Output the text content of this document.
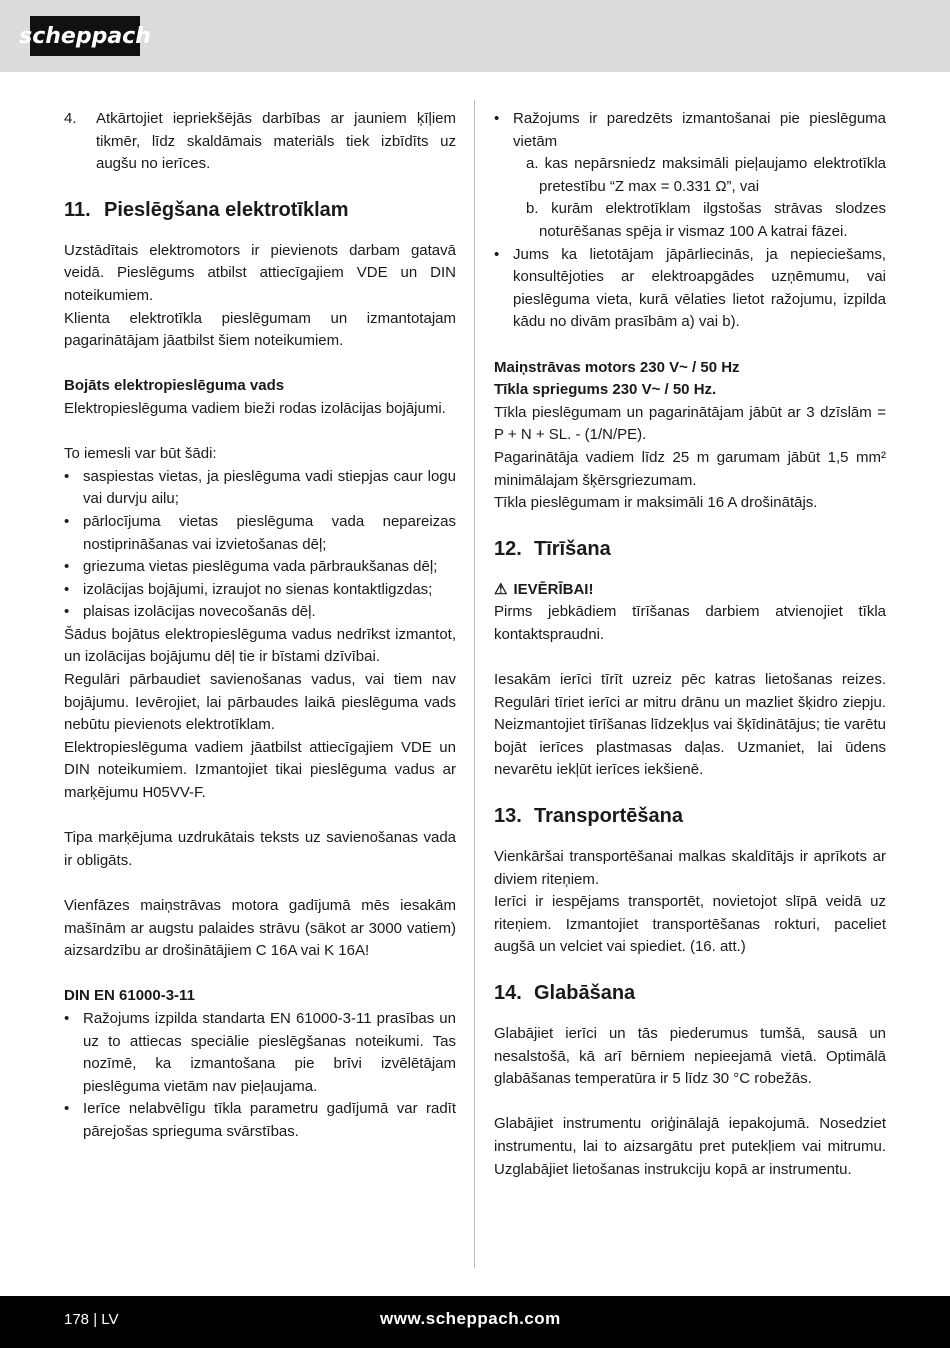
scheppach
4.	Atkārtojiet iepriekšējās darbības ar jauniem ķīļiem tikmēr, līdz skaldāmais materiāls tiek izbīdīts uz augšu no ierīces.

11. Pieslēgšana elektrotīklam

Uzstādītais elektromotors ir pievienots darbam gatavā veidā. Pieslēgums atbilst attiecīgajiem VDE un DIN noteikumiem.

Klienta elektrotīkla pieslēgumam un izmantotajam pagarinātājam jāatbilst šiem noteikumiem.

Bojāts elektropieslēguma vads

Elektropieslēguma vadiem bieži rodas izolācijas bojājumi.

To iemesli var būt šādi:

• saspiestas vietas, ja pieslēguma vadi stiepjas caur logu vai durvju ailu;
• pārlocījuma vietas pieslēguma vada nepareizas nostiprināšanas vai izvietošanas dēļ;
• griezuma vietas pieslēguma vada pārbraukšanas dēļ;
• izolācijas bojājumi, izraujot no sienas kontaktligzdas;
• plaisas izolācijas novecošanās dēļ.

Šādus bojātus elektropieslēguma vadus nedrīkst izmantot, un izolācijas bojājumu dēļ tie ir bīstami dzīvībai.

Regulāri pārbaudiet savienošanas vadus, vai tiem nav bojājumu. Ievērojiet, lai pārbaudes laikā pieslēguma vads nebūtu pievienots elektrotīklam.

Elektropieslēguma vadiem jāatbilst attiecīgajiem VDE un DIN noteikumiem. Izmantojiet tikai pieslēguma vadus ar marķējumu H05VV-F.

Tipa marķējuma uzdrukātais teksts uz savienošanas vada ir obligāts.

Vienfāzes maiņstrāvas motora gadījumā mēs iesakām mašīnām ar augstu palaides strāvu (sākot ar 3000 vatiem) aizsardzību ar drošinātājiem C 16A vai K 16A!

DIN EN 61000-3-11

• Ražojums izpilda standarta EN 61000-3-11 prasības un uz to attiecas speciālie pieslēgšanas noteikumi. Tas nozīmē, ka izmantošana pie brīvi izvēlētājam pieslēguma vietām nav pieļaujama.
• Ierīce nelabvēlīgu tīkla parametru gadījumā var radīt pārejošas sprieguma svārstības.
• Ražojums ir paredzēts izmantošanai pie pieslēguma vietām
a. kas nepārsniedz maksimāli pieļaujamo elektrotīkla pretestību “Z max = 0.331 Ω”, vai
b. kurām elektrotīklam ilgstošas strāvas slodzes noturēšanas spēja ir vismaz 100 A katrai fāzei.
• Jums ka lietotājam jāpārliecinās, ja nepieciešams, konsultējoties ar elektroapgādes uzņēmumu, vai pieslēguma vieta, kurā vēlaties lietot ražojumu, izpilda kādu no divām prasībām a) vai b).

Maiņstrāvas motors 230 V~ / 50 Hz

Tīkla spriegums 230 V~ / 50 Hz.

Tīkla pieslēgumam un pagarinātājam jābūt ar 3 dzīslām = P + N + SL. - (1/N/PE).

Pagarinātāja vadiem līdz 25 m garumam jābūt 1,5 mm² minimālajam šķērsgriezumam.

Tīkla pieslēgumam ir maksimāli 16 A drošinātājs.

12. Tīrīšana
⚠ IEVĒRĪBAI!

Pirms jebkādiem tīrīšanas darbiem atvienojiet tīkla kontaktspraudni.

Iesakām ierīci tīrīt uzreiz pēc katras lietošanas reizes. Regulāri tīriet ierīci ar mitru drānu un mazliet šķidro ziepju. Neizmantojiet tīrīšanas līdzekļus vai šķīdinātājus; tie varētu bojāt ierīces plastmasas daļas. Uzmaniet, lai ūdens nevarētu iekļūt ierīces iekšienē.

13. Transportēšana

Vienkāršai transportēšanai malkas skaldītājs ir aprīkots ar diviem riteņiem.

Ierīci ir iespējams transportēt, novietojot slīpā veidā uz riteņiem. Izmantojiet transportēšanas rokturi, paceliet augšā un velciet vai spiediet. (16. att.)

14. Glabāšana

Glabājiet ierīci un tās piederumus tumšā, sausā un nesalstošā, kā arī bērniem nepieejamā vietā. Optimālā glabāšanas temperatūra ir 5 līdz 30 °C robežās.

Glabājiet instrumentu oriģinālajā iepakojumā. Nosedziet instrumentu, lai to aizsargātu pret putekļiem vai mitrumu. Uzglabājiet lietošanas instrukciju kopā ar instrumentu.

178 | LV	www.scheppach.com
